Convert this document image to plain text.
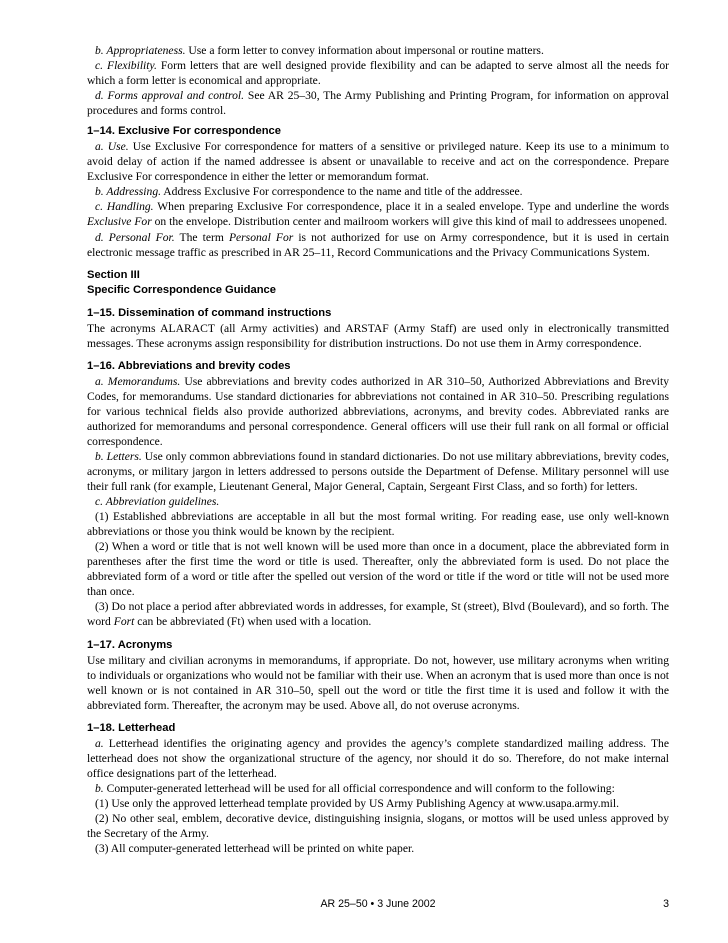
b. Appropriateness. Use a form letter to convey information about impersonal or routine matters.

c. Flexibility. Form letters that are well designed provide flexibility and can be adapted to serve almost all the needs for which a form letter is economical and appropriate.

d. Forms approval and control. See AR 25–30, The Army Publishing and Printing Program, for information on approval procedures and forms control.

1–14. Exclusive For correspondence

a. Use. Use Exclusive For correspondence for matters of a sensitive or privileged nature. Keep its use to a minimum to avoid delay of action if the named addressee is absent or unavailable to receive and act on the correspondence. Prepare Exclusive For correspondence in either the letter or memorandum format.

b. Addressing. Address Exclusive For correspondence to the name and title of the addressee.

c. Handling. When preparing Exclusive For correspondence, place it in a sealed envelope. Type and underline the words Exclusive For on the envelope. Distribution center and mailroom workers will give this kind of mail to addressees unopened.

d. Personal For. The term Personal For is not authorized for use on Army correspondence, but it is used in certain electronic message traffic as prescribed in AR 25–11, Record Communications and the Privacy Communications System.

Section III
Specific Correspondence Guidance
1–15. Dissemination of command instructions

The acronyms ALARACT (all Army activities) and ARSTAF (Army Staff) are used only in electronically transmitted messages. These acronyms assign responsibility for distribution instructions. Do not use them in Army correspondence.

1–16. Abbreviations and brevity codes

a. Memorandums. Use abbreviations and brevity codes authorized in AR 310–50, Authorized Abbreviations and Brevity Codes, for memorandums. Use standard dictionaries for abbreviations not contained in AR 310–50. Prescribing regulations for various technical fields also provide authorized abbreviations, acronyms, and brevity codes. Abbreviated ranks are authorized for memorandums and personal correspondence. General officers will use their full rank on all formal or official correspondence.

b. Letters. Use only common abbreviations found in standard dictionaries. Do not use military abbreviations, brevity codes, acronyms, or military jargon in letters addressed to persons outside the Department of Defense. Military personnel will use their full rank (for example, Lieutenant General, Major General, Captain, Sergeant First Class, and so forth) for letters.

c. Abbreviation guidelines.

(1) Established abbreviations are acceptable in all but the most formal writing. For reading ease, use only well-known abbreviations or those you think would be known by the recipient.

(2) When a word or title that is not well known will be used more than once in a document, place the abbreviated form in parentheses after the first time the word or title is used. Thereafter, only the abbreviated form is used. Do not place the abbreviated form of a word or title after the spelled out version of the word or title if the word or title will not be used more than once.

(3) Do not place a period after abbreviated words in addresses, for example, St (street), Blvd (Boulevard), and so forth. The word Fort can be abbreviated (Ft) when used with a location.

1–17. Acronyms

Use military and civilian acronyms in memorandums, if appropriate. Do not, however, use military acronyms when writing to individuals or organizations who would not be familiar with their use. When an acronym that is used more than once is not well known or is not contained in AR 310–50, spell out the word or title the first time it is used and follow it with the abbreviated form. Thereafter, the acronym may be used. Above all, do not overuse acronyms.

1–18. Letterhead

a. Letterhead identifies the originating agency and provides the agency’s complete standardized mailing address. The letterhead does not show the organizational structure of the agency, nor should it do so. Therefore, do not make internal office designations part of the letterhead.

b. Computer-generated letterhead will be used for all official correspondence and will conform to the following:

(1) Use only the approved letterhead template provided by US Army Publishing Agency at www.usapa.army.mil.

(2) No other seal, emblem, decorative device, distinguishing insignia, slogans, or mottos will be used unless approved by the Secretary of the Army.

(3) All computer-generated letterhead will be printed on white paper.

AR 25–50 • 3 June 2002	3
